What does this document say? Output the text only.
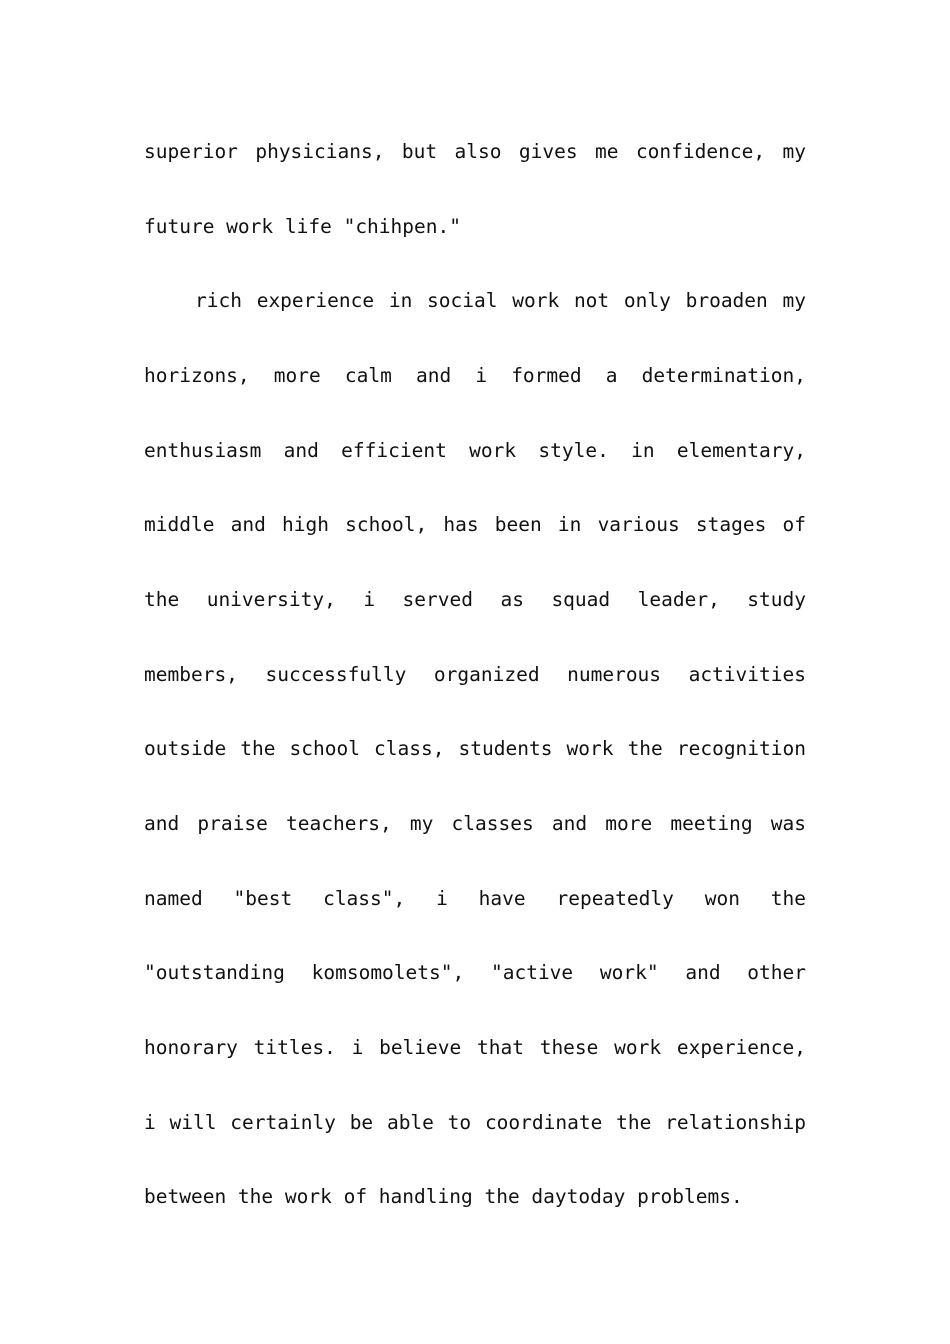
superior physicians, but also gives me confidence, my
future work life "chihpen."
rich experience in social work not only broaden my
horizons, more calm and i formed a determination,
enthusiasm and efficient work style. in elementary,
middle and high school, has been in various stages of
the university, i served as squad leader, study
members, successfully organized numerous activities
outside the school class, students work the recognition
and praise teachers, my classes and more meeting was
named "best class", i have repeatedly won the
"outstanding komsomolets", "active work" and other
honorary titles. i believe that these work experience,
i will certainly be able to coordinate the relationship
between the work of handling the daytoday problems.
